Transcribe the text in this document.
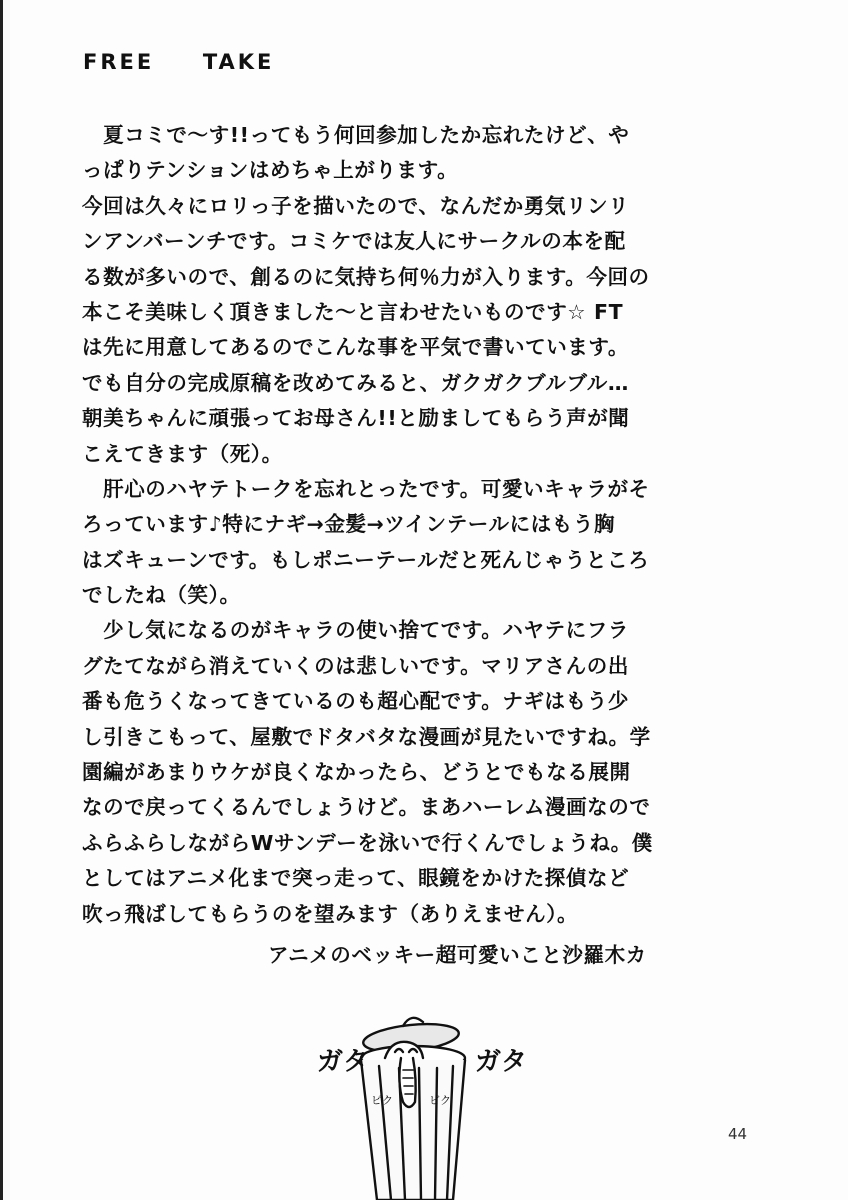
FREE  TAKE
　夏コミで〜す!!ってもう何回参加したか忘れたけど、や
っぱりテンションはめちゃ上がります。
今回は久々にロリっ子を描いたので、なんだか勇気リンリ
ンアンバーンチです。コミケでは友人にサークルの本を配
る数が多いので、創るのに気持ち何％力が入ります。今回の
本こそ美味しく頂きました〜と言わせたいものです☆ FT
は先に用意してあるのでこんな事を平気で書いています。
でも自分の完成原稿を改めてみると、ガクガクブルブル…
朝美ちゃんに頑張ってお母さん!!と励ましてもらう声が聞
こえてきます（死）。
　肝心のハヤテトークを忘れとったです。可愛いキャラがそ
ろっています♪特にナギ→金髪→ツインテールにはもう胸
はズキューンです。もしポニーテールだと死んじゃうところ
でしたね（笑）。
　少し気になるのがキャラの使い捨てです。ハヤテにフラ
グたてながら消えていくのは悲しいです。マリアさんの出
番も危うくなってきているのも超心配です。ナギはもう少
し引きこもって、屋敷でドタバタな漫画が見たいですね。学
園編があまりウケが良くなかったら、どうとでもなる展開
なので戻ってくるんでしょうけど。まあハーレム漫画なので
ふらふらしながらWサンデーを泳いで行くんでしょうね。僕
としてはアニメ化まで突っ走って、眼鏡をかけた探偵など
吹っ飛ばしてもらうのを望みます（ありえません）。
アニメのベッキー超可愛いこと沙羅木カ
ガタ	ガタ
ビク	ビク
44
